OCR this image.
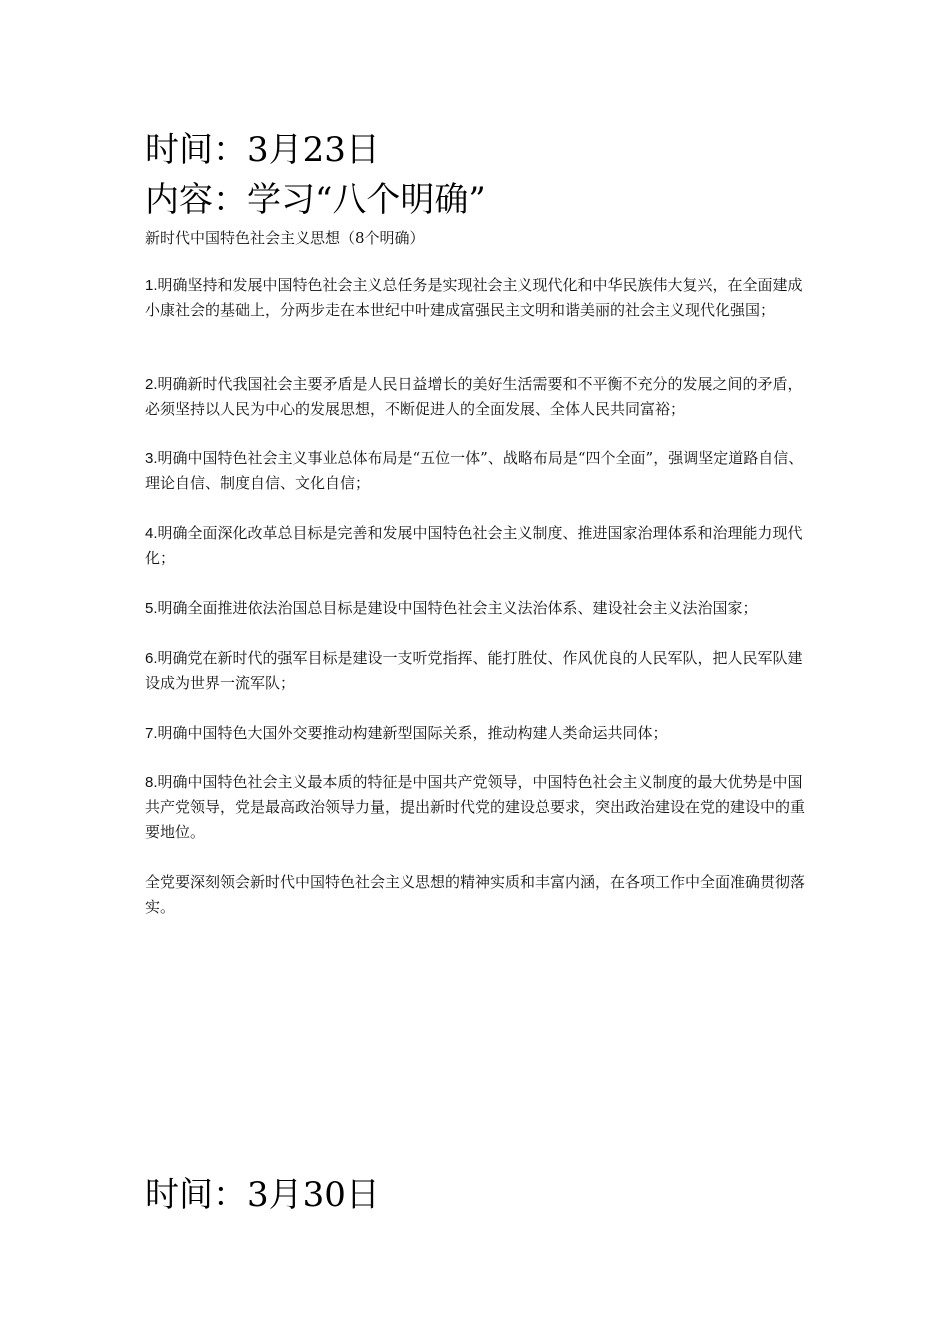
时间：3月23日
内容：学习“八个明确”
新时代中国特色社会主义思想（8个明确）

1.明确坚持和发展中国特色社会主义总任务是实现社会主义现代化和中华民族伟大复兴，在全面建成小康社会的基础上，分两步走在本世纪中叶建成富强民主文明和谐美丽的社会主义现代化强国；

2.明确新时代我国社会主要矛盾是人民日益增长的美好生活需要和不平衡不充分的发展之间的矛盾，必须坚持以人民为中心的发展思想，不断促进人的全面发展、全体人民共同富裕；

3.明确中国特色社会主义事业总体布局是“五位一体”、战略布局是“四个全面”，强调坚定道路自信、理论自信、制度自信、文化自信；

4.明确全面深化改革总目标是完善和发展中国特色社会主义制度、推进国家治理体系和治理能力现代化；

5.明确全面推进依法治国总目标是建设中国特色社会主义法治体系、建设社会主义法治国家；

6.明确党在新时代的强军目标是建设一支听党指挥、能打胜仗、作风优良的人民军队，把人民军队建设成为世界一流军队；

7.明确中国特色大国外交要推动构建新型国际关系，推动构建人类命运共同体；

8.明确中国特色社会主义最本质的特征是中国共产党领导，中国特色社会主义制度的最大优势是中国共产党领导，党是最高政治领导力量，提出新时代党的建设总要求，突出政治建设在党的建设中的重要地位。

全党要深刻领会新时代中国特色社会主义思想的精神实质和丰富内涵，在各项工作中全面准确贯彻落实。

时间：3月30日
